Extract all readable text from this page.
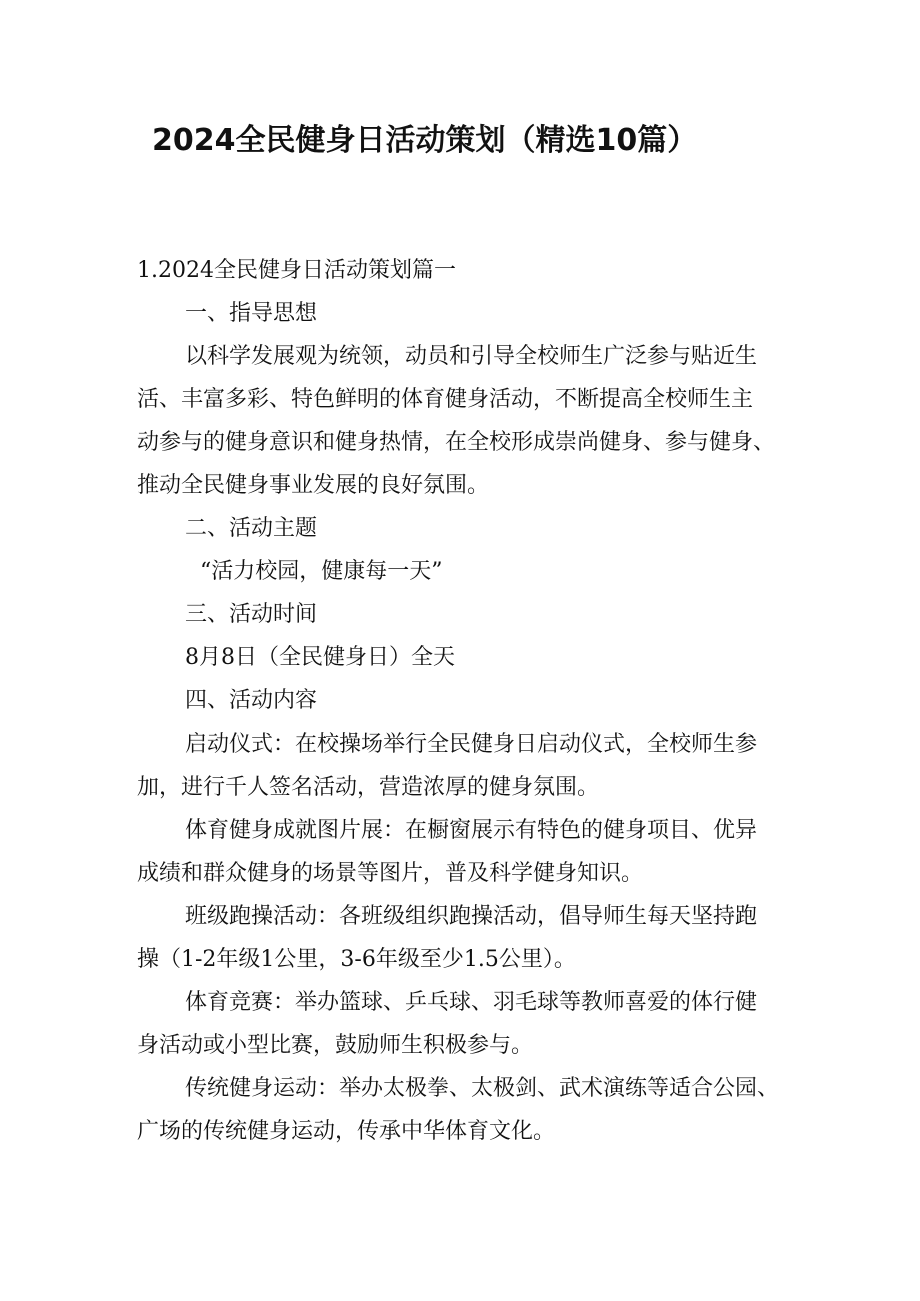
2024全民健身日活动策划（精选10篇）

1.2024全民健身日活动策划篇一

一、指导思想

以科学发展观为统领，动员和引导全校师生广泛参与贴近生

活、丰富多彩、特色鲜明的体育健身活动，不断提高全校师生主

动参与的健身意识和健身热情，在全校形成崇尚健身、参与健身、

推动全民健身事业发展的良好氛围。

二、活动主题

“活力校园，健康每一天”

三、活动时间

8月8日（全民健身日）全天

四、活动内容

启动仪式：在校操场举行全民健身日启动仪式，全校师生参

加，进行千人签名活动，营造浓厚的健身氛围。

体育健身成就图片展：在橱窗展示有特色的健身项目、优异

成绩和群众健身的场景等图片，普及科学健身知识。

班级跑操活动：各班级组织跑操活动，倡导师生每天坚持跑

操（1-2年级1公里，3-6年级至少1.5公里）。

体育竞赛：举办篮球、乒乓球、羽毛球等教师喜爱的体行健

身活动或小型比赛，鼓励师生积极参与。

传统健身运动：举办太极拳、太极剑、武术演练等适合公园、

广场的传统健身运动，传承中华体育文化。
